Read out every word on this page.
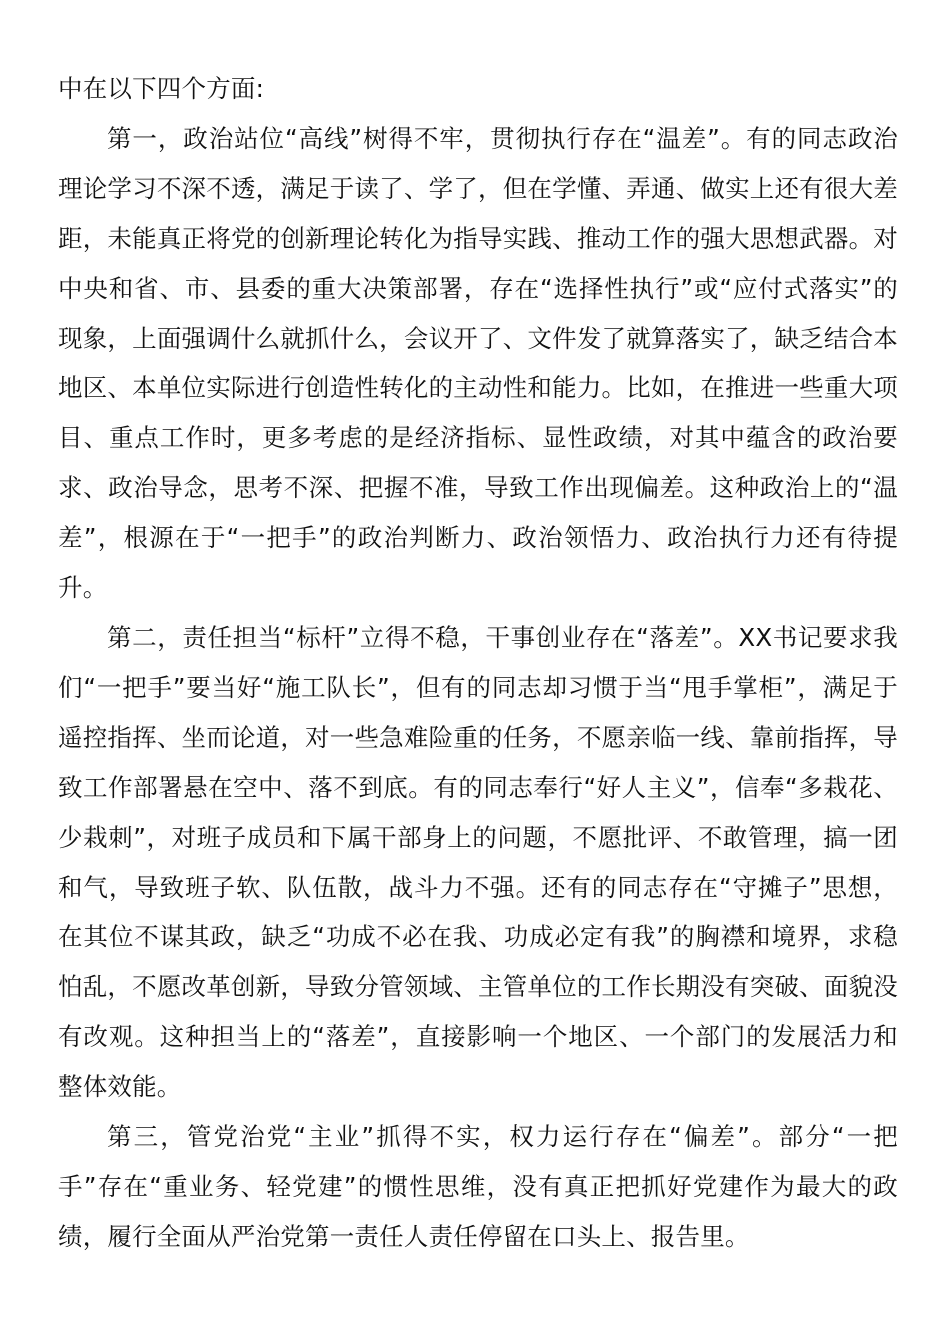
中在以下四个方面:

第一，政治站位“高线”树得不牢，贯彻执行存在“温差”。有的同志政治理论学习不深不透，满足于读了、学了，但在学懂、弄通、做实上还有很大差距，未能真正将党的创新理论转化为指导实践、推动工作的强大思想武器。对中央和省、市、县委的重大决策部署，存在“选择性执行”或“应付式落实”的现象，上面强调什么就抓什么，会议开了、文件发了就算落实了，缺乏结合本地区、本单位实际进行创造性转化的主动性和能力。比如，在推进一些重大项目、重点工作时，更多考虑的是经济指标、显性政绩，对其中蕴含的政治要求、政治导念，思考不深、把握不准，导致工作出现偏差。这种政治上的“温差”，根源在于“一把手”的政治判断力、政治领悟力、政治执行力还有待提升。

第二，责任担当“标杆”立得不稳，干事创业存在“落差”。XX书记要求我们“一把手”要当好“施工队长”，但有的同志却习惯于当“甩手掌柜”，满足于遥控指挥、坐而论道，对一些急难险重的任务，不愿亲临一线、靠前指挥，导致工作部署悬在空中、落不到底。有的同志奉行“好人主义”，信奉“多栽花、少栽刺”，对班子成员和下属干部身上的问题，不愿批评、不敢管理，搞一团和气，导致班子软、队伍散，战斗力不强。还有的同志存在“守摊子”思想，在其位不谋其政，缺乏“功成不必在我、功成必定有我”的胸襟和境界，求稳怕乱，不愿改革创新，导致分管领域、主管单位的工作长期没有突破、面貌没有改观。这种担当上的“落差”，直接影响一个地区、一个部门的发展活力和整体效能。

第三，管党治党“主业”抓得不实，权力运行存在“偏差”。部分“一把手”存在“重业务、轻党建”的惯性思维，没有真正把抓好党建作为最大的政绩，履行全面从严治党第一责任人责任停留在口头上、报告里。
